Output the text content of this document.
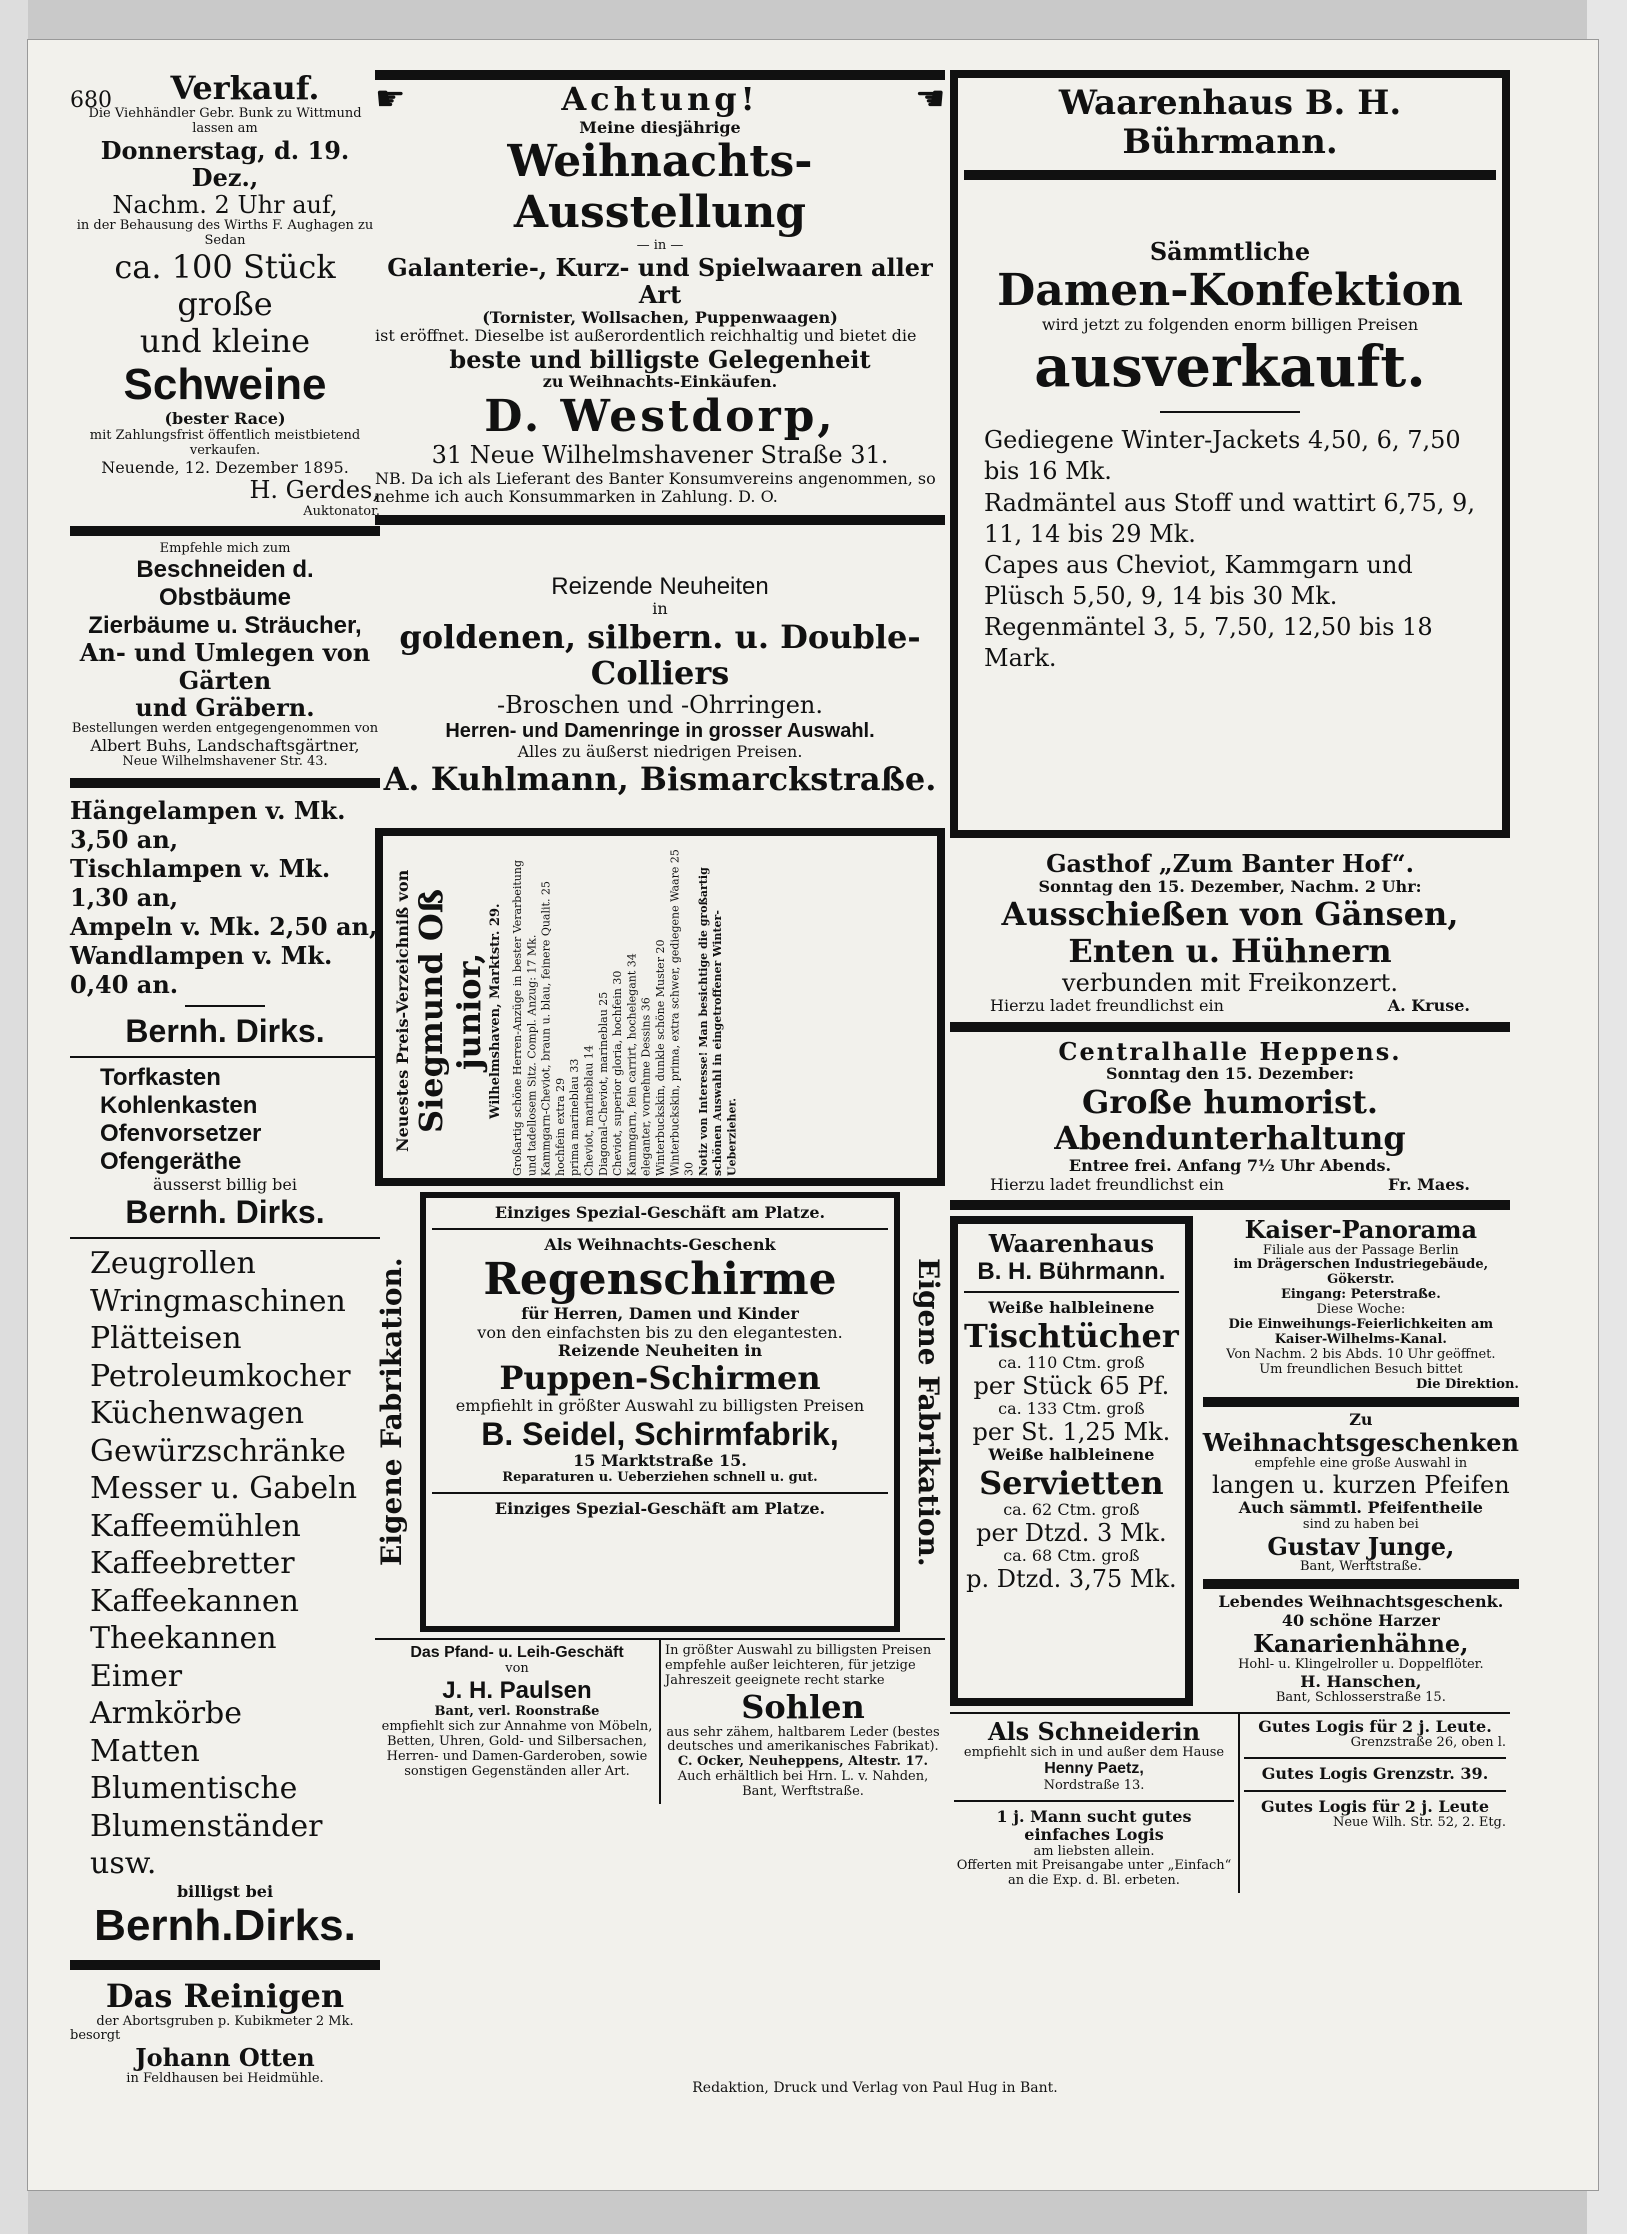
680	Verkauf.
Die Viehhändler Gebr. Bunk zu Wittmund lassen am
Donnerstag, d. 19. Dez.,
Nachm. 2 Uhr auf,
in der Behausung des Wirths F. Aughagen zu Sedan
ca. 100 Stück große
und kleine
Schweine
(bester Race)
mit Zahlungsfrist öffentlich meistbietend verkaufen.
Neuende, 12. Dezember 1895.
H. Gerdes,
Auktonator.
Empfehle mich zum
Beschneiden d. Obstbäume
Zierbäume u. Sträucher,
An- und Umlegen von Gärten
und Gräbern.
Bestellungen werden entgegengenommen von
Albert Buhs, Landschaftsgärtner,
Neue Wilhelmshavener Str. 43.
Hängelampen v. Mk. 3,50 an,
Tischlampen v. Mk. 1,30 an,
Ampeln v. Mk. 2,50 an,
Wandlampen v. Mk. 0,40 an.
Bernh. Dirks.
Torfkasten
Kohlenkasten
Ofenvorsetzer
Ofengeräthe
äusserst billig bei
Bernh. Dirks.
Zeugrollen
Wringmaschinen
Plätteisen
Petroleumkocher
Küchenwagen
Gewürzschränke
Messer u. Gabeln
Kaffeemühlen
Kaffeebretter
Kaffeekannen
Theekannen
Eimer
Armkörbe
Matten
Blumentische
Blumenständer usw.
billigst bei
Bernh.Dirks.
Das Reinigen
der Abortsgruben p. Kubikmeter 2 Mk.
besorgt
Johann Otten
in Feldhausen bei Heidmühle.
☛	Achtung!	☛
Meine diesjährige
Weihnachts-Ausstellung
— in —
Galanterie-, Kurz- und Spielwaaren aller Art
(Tornister, Wollsachen, Puppenwaagen)
ist eröffnet. Dieselbe ist außerordentlich reichhaltig und bietet die
beste und billigste Gelegenheit
zu Weihnachts-Einkäufen.
D. Westdorp,
31 Neue Wilhelmshavener Straße 31.
NB. Da ich als Lieferant des Banter Konsumvereins angenommen, so nehme ich auch Konsummarken in Zahlung. D. O.
Reizende Neuheiten
in
goldenen, silbern. u. Double-Colliers
-Broschen und -Ohrringen.
Herren- und Damenringe in grosser Auswahl.
Alles zu äußerst niedrigen Preisen.
A. Kuhlmann, Bismarckstraße.
Neuestes Preis-Verzeichniß von Siegmund Oß junior, Wilhelmshaven, Marktstr. 29. Großartig schöne Herren-Anzüge in bester Verarbeitung und tadellosem Sitz. Compl. Anzug: 17 Mk. Kammgarn-Cheviot, braun u. blau, feinere Qualit. 25 hochfein extra 29 prima marineblau 33 Cheviot, marineblau 14 Diagonal-Cheviot, marineblau 25 Cheviot, superior gloria, hochfein 30 Kammgarn, fein carrirt, hochelegant 34 eleganter, vornehme Dessins 36 Winterbuckskin, dunkle schöne Muster 20 Winterbuckskin, prima, extra schwer, gediegene Waare 25 30 Notiz von Interesse! Man besichtige die großartig schönen Auswahl in eingetroffener Winter-Ueberzieher.
Eigene Fabrikation.	Eigene Fabrikation.
Einziges Spezial-Geschäft am Platze.
Als Weihnachts-Geschenk
Regenschirme
für Herren, Damen und Kinder
von den einfachsten bis zu den elegantesten.
Reizende Neuheiten in
Puppen-Schirmen
empfiehlt in größter Auswahl zu billigsten Preisen
B. Seidel, Schirmfabrik,
15 Marktstraße 15.
Reparaturen u. Ueberziehen schnell u. gut.
Einziges Spezial-Geschäft am Platze.
Das Pfand- u. Leih-Geschäft
von
J. H. Paulsen
Bant, verl. Roonstraße
empfiehlt sich zur Annahme von Möbeln, Betten, Uhren, Gold- und Silbersachen, Herren- und Damen-Garderoben, sowie sonstigen Gegenständen aller Art.
In größter Auswahl zu billigsten Preisen empfehle außer leichteren, für jetzige Jahreszeit geeignete recht starke
Sohlen
aus sehr zähem, haltbarem Leder (bestes deutsches und amerikanisches Fabrikat).
C. Ocker, Neuheppens, Altestr. 17.
Auch erhältlich bei Hrn. L. v. Nahden, Bant, Werftstraße.
Waarenhaus B. H. Bührmann.
Sämmtliche
Damen-Konfektion
wird jetzt zu folgenden enorm billigen Preisen
ausverkauft.
Gediegene Winter-Jackets 4,50, 6, 7,50 bis 16 Mk.
Radmäntel aus Stoff und wattirt 6,75, 9, 11, 14 bis 29 Mk.
Capes aus Cheviot, Kammgarn und Plüsch 5,50, 9, 14 bis 30 Mk.
Regenmäntel 3, 5, 7,50, 12,50 bis 18 Mark.
Gasthof „Zum Banter Hof“.
Sonntag den 15. Dezember, Nachm. 2 Uhr:
Ausschießen von Gänsen, Enten u. Hühnern
verbunden mit Freikonzert.
Hierzu ladet freundlichst ein	A. Kruse.
Centralhalle Heppens.
Sonntag den 15. Dezember:
Große humorist. Abendunterhaltung
Entree frei. Anfang 7½ Uhr Abends.
Hierzu ladet freundlichst ein	Fr. Maes.
Waarenhaus
B. H. Bührmann.
Weiße halbleinene
Tischtücher
ca. 110 Ctm. groß
per Stück 65 Pf.
ca. 133 Ctm. groß
per St. 1,25 Mk.
Weiße halbleinene
Servietten
ca. 62 Ctm. groß
per Dtzd. 3 Mk.
ca. 68 Ctm. groß
p. Dtzd. 3,75 Mk.
Kaiser-Panorama
Filiale aus der Passage Berlin
im Drägerschen Industriegebäude, Gökerstr.
Eingang: Peterstraße.
Diese Woche:
Die Einweihungs-Feierlichkeiten am Kaiser-Wilhelms-Kanal.
Von Nachm. 2 bis Abds. 10 Uhr geöffnet.
Um freundlichen Besuch bittet
Die Direktion.
Zu
Weihnachtsgeschenken
empfehle eine große Auswahl in
langen u. kurzen Pfeifen
Auch sämmtl. Pfeifentheile
sind zu haben bei
Gustav Junge,
Bant, Werftstraße.
Lebendes Weihnachtsgeschenk.
40 schöne Harzer
Kanarienhähne,
Hohl- u. Klingelroller u. Doppelflöter.
H. Hanschen,
Bant, Schlosserstraße 15.
Als Schneiderin
empfiehlt sich in und außer dem Hause
Henny Paetz,
Nordstraße 13.
1 j. Mann sucht gutes einfaches Logis
am liebsten allein.
Offerten mit Preisangabe unter „Einfach“ an die Exp. d. Bl. erbeten.
Gutes Logis für 2 j. Leute.
Grenzstraße 26, oben l.
Gutes Logis Grenzstr. 39.
Gutes Logis für 2 j. Leute
Neue Wilh. Str. 52, 2. Etg.
Redaktion, Druck und Verlag von Paul Hug in Bant.
